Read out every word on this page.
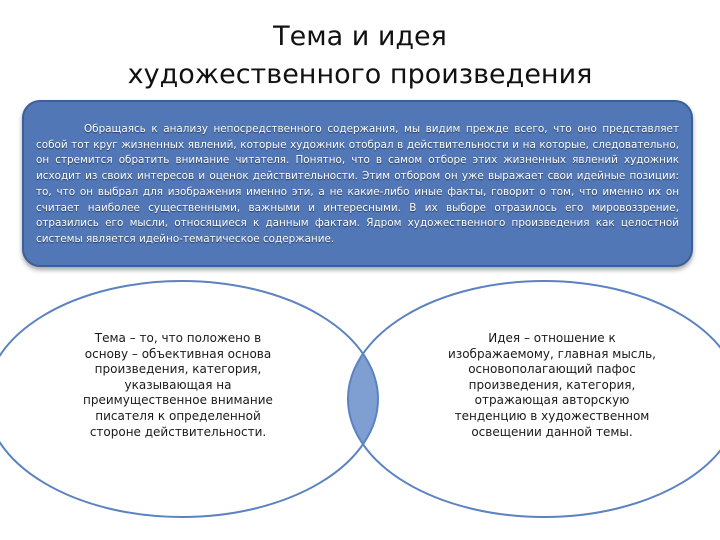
Тема и идея
художественного произведения
Обращаясь к анализу непосредственного содержания, мы видим прежде всего, что оно представляет собой тот круг жизненных явлений, которые художник отобрал в действительности и на которые, следовательно, он стремится обратить внимание читателя. Понятно, что в самом отборе этих жизненных явлений художник исходит из своих интересов и оценок действительности. Этим отбором он уже выражает свои идейные позиции: то, что он выбрал для изображения именно эти, а не какие-либо иные факты, говорит о том, что именно их он считает наиболее существенными, важными и интересными. В их выборе отразилось его мировоззрение, отразились его мысли, относящиеся к данным фактам. Ядром художественного произведения как целостной системы является идейно-тематическое содержание.
Тема – то, что положено в основу – объективная основа произведения, категория, указывающая на преимущественное внимание писателя к определенной стороне действительности.
Идея – отношение к изображаемому, главная мысль, основополагающий пафос произведения, категория, отражающая авторскую тенденцию в художественном освещении данной темы.
